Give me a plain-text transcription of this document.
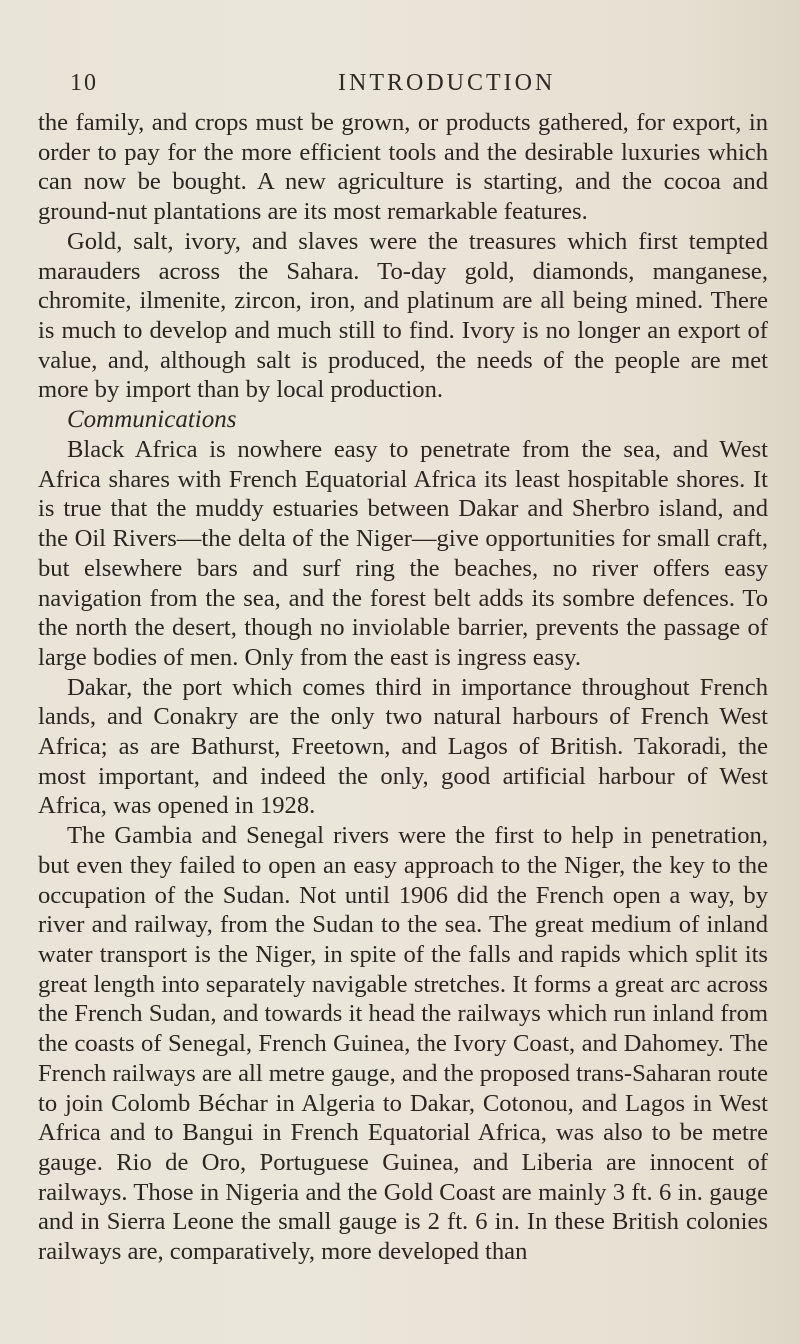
10	INTRODUCTION

the family, and crops must be grown, or products gathered, for export, in order to pay for the more efficient tools and the desirable luxuries which can now be bought. A new agriculture is starting, and the cocoa and ground-nut plantations are its most remarkable features.

Gold, salt, ivory, and slaves were the treasures which first tempted marauders across the Sahara. To-day gold, diamonds, manganese, chromite, ilmenite, zircon, iron, and platinum are all being mined. There is much to develop and much still to find. Ivory is no longer an export of value, and, although salt is produced, the needs of the people are met more by import than by local production.

Communications

Black Africa is nowhere easy to penetrate from the sea, and West Africa shares with French Equatorial Africa its least hospitable shores. It is true that the muddy estuaries between Dakar and Sherbro island, and the Oil Rivers—the delta of the Niger—give opportunities for small craft, but elsewhere bars and surf ring the beaches, no river offers easy navigation from the sea, and the forest belt adds its sombre defences. To the north the desert, though no inviolable barrier, prevents the passage of large bodies of men. Only from the east is ingress easy.

Dakar, the port which comes third in importance throughout French lands, and Conakry are the only two natural harbours of French West Africa; as are Bathurst, Freetown, and Lagos of British. Takoradi, the most important, and indeed the only, good artificial harbour of West Africa, was opened in 1928.

The Gambia and Senegal rivers were the first to help in penetration, but even they failed to open an easy approach to the Niger, the key to the occupation of the Sudan. Not until 1906 did the French open a way, by river and railway, from the Sudan to the sea. The great medium of inland water transport is the Niger, in spite of the falls and rapids which split its great length into separately navigable stretches. It forms a great arc across the French Sudan, and towards it head the railways which run inland from the coasts of Senegal, French Guinea, the Ivory Coast, and Dahomey. The French railways are all metre gauge, and the proposed trans-Saharan route to join Colomb Béchar in Algeria to Dakar, Cotonou, and Lagos in West Africa and to Bangui in French Equatorial Africa, was also to be metre gauge. Rio de Oro, Portuguese Guinea, and Liberia are innocent of railways. Those in Nigeria and the Gold Coast are mainly 3 ft. 6 in. gauge and in Sierra Leone the small gauge is 2 ft. 6 in. In these British colonies railways are, comparatively, more developed than
